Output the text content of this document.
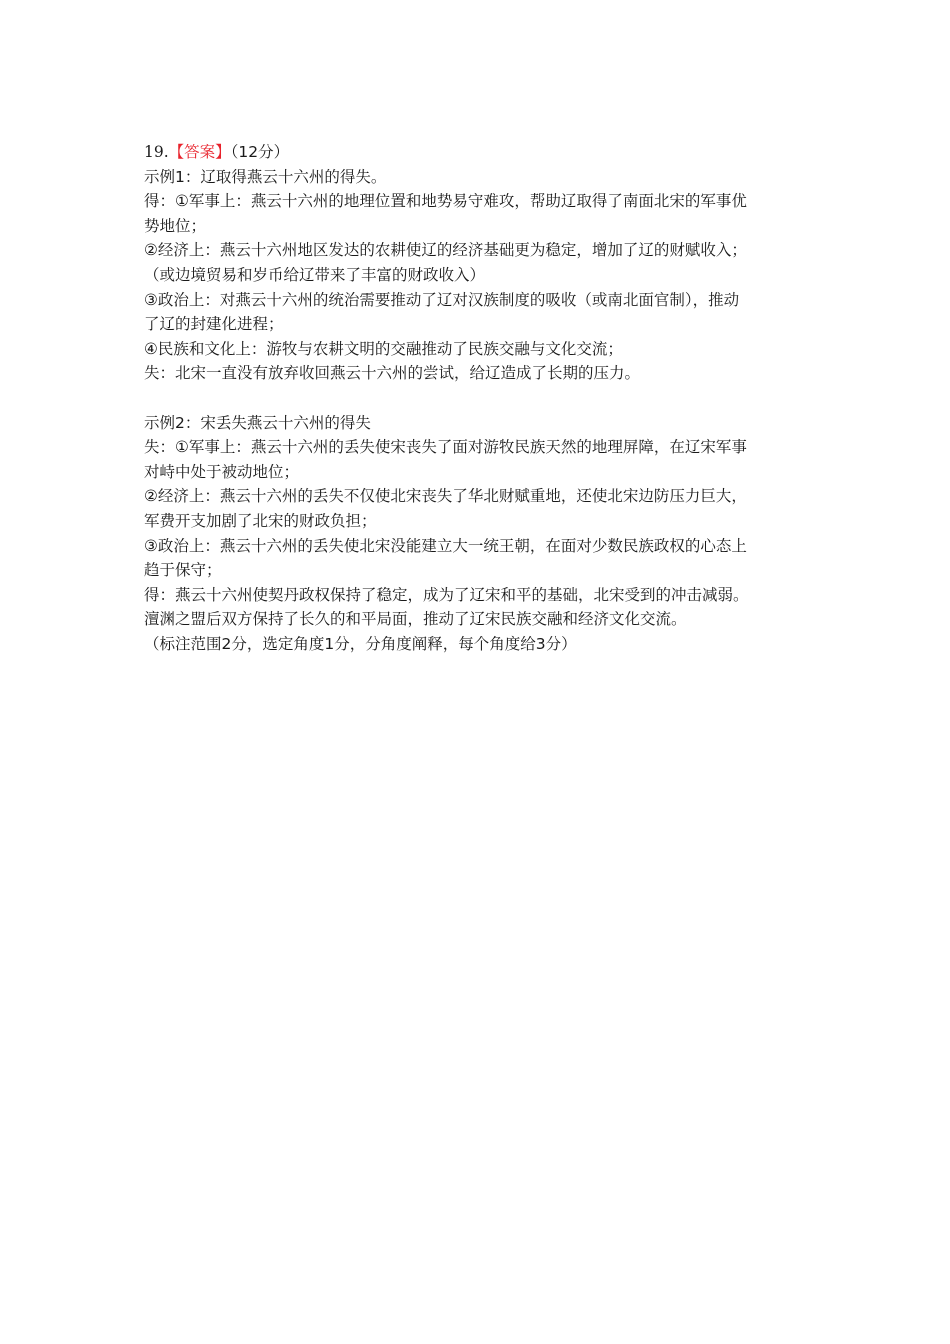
19.【答案】（12分）
示例1：辽取得燕云十六州的得失。
得：①军事上：燕云十六州的地理位置和地势易守难攻，帮助辽取得了南面北宋的军事优
势地位；
②经济上：燕云十六州地区发达的农耕使辽的经济基础更为稳定，增加了辽的财赋收入；
（或边境贸易和岁币给辽带来了丰富的财政收入）
③政治上：对燕云十六州的统治需要推动了辽对汉族制度的吸收（或南北面官制），推动
了辽的封建化进程；
④民族和文化上：游牧与农耕文明的交融推动了民族交融与文化交流；
失：北宋一直没有放弃收回燕云十六州的尝试，给辽造成了长期的压力。
示例2：宋丢失燕云十六州的得失
失：①军事上：燕云十六州的丢失使宋丧失了面对游牧民族天然的地理屏障，在辽宋军事
对峙中处于被动地位；
②经济上：燕云十六州的丢失不仅使北宋丧失了华北财赋重地，还使北宋边防压力巨大，
军费开支加剧了北宋的财政负担；
③政治上：燕云十六州的丢失使北宋没能建立大一统王朝，在面对少数民族政权的心态上
趋于保守；
得：燕云十六州使契丹政权保持了稳定，成为了辽宋和平的基础，北宋受到的冲击减弱。
澶渊之盟后双方保持了长久的和平局面，推动了辽宋民族交融和经济文化交流。
（标注范围2分，选定角度1分，分角度阐释，每个角度给3分）
